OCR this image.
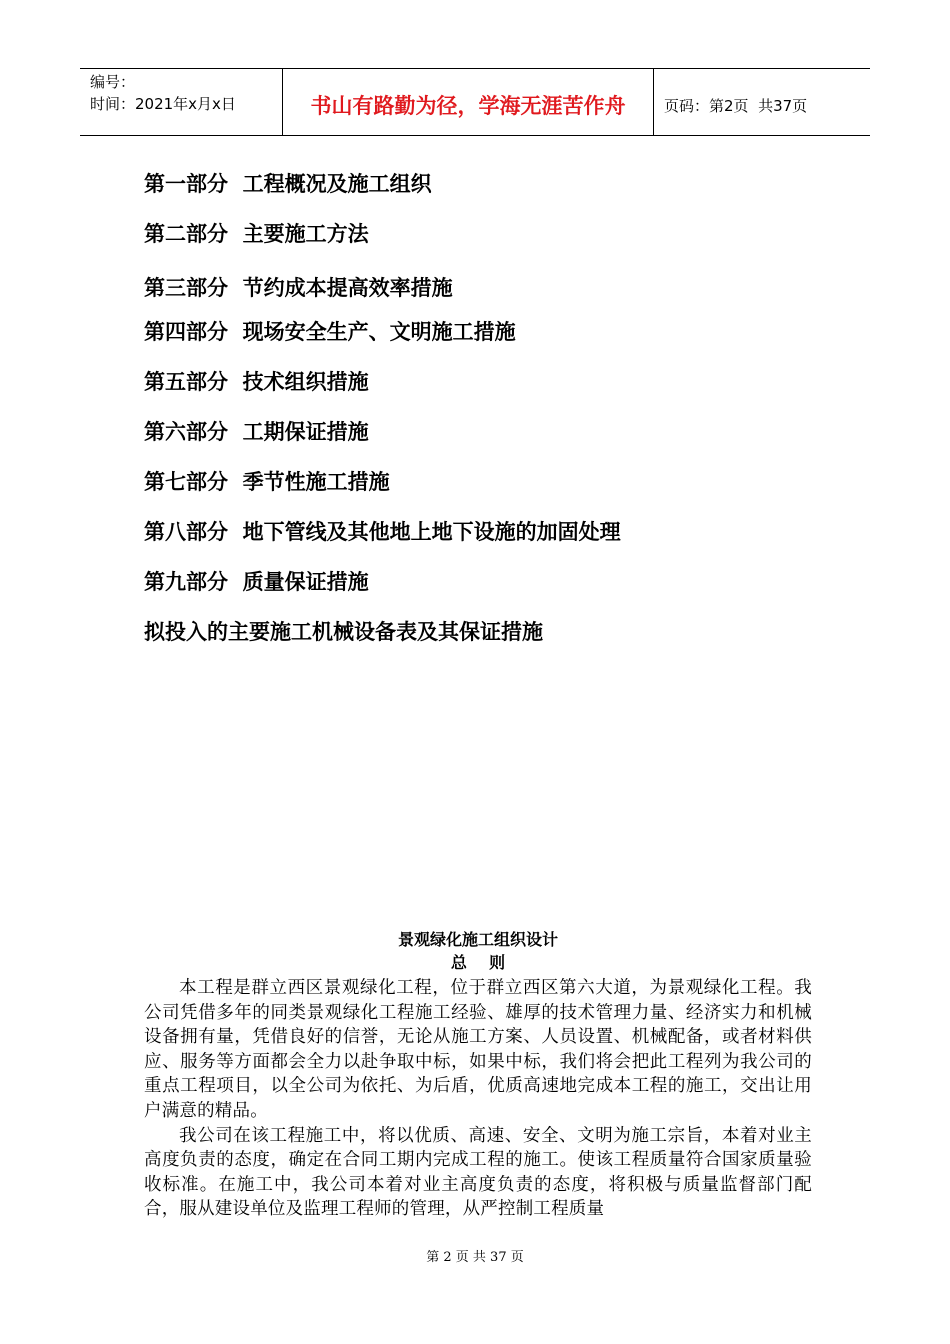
编号：
时间：2021年x月x日	书山有路勤为径，学海无涯苦作舟	页码：第2页  共37页
第一部分  工程概况及施工组织
第二部分  主要施工方法
第三部分  节约成本提高效率措施
第四部分  现场安全生产、文明施工措施
第五部分  技术组织措施
第六部分  工期保证措施
第七部分  季节性施工措施
第八部分  地下管线及其他地上地下设施的加固处理
第九部分  质量保证措施
拟投入的主要施工机械设备表及其保证措施
景观绿化施工组织设计
总    则

本工程是群立西区景观绿化工程，位于群立西区第六大道，为景观绿化工程。我公司凭借多年的同类景观绿化工程施工经验、雄厚的技术管理力量、经济实力和机械设备拥有量，凭借良好的信誉，无论从施工方案、人员设置、机械配备，或者材料供应、服务等方面都会全力以赴争取中标，如果中标，我们将会把此工程列为我公司的重点工程项目，以全公司为依托、为后盾，优质高速地完成本工程的施工，交出让用户满意的精品。

我公司在该工程施工中，将以优质、高速、安全、文明为施工宗旨，本着对业主高度负责的态度，确定在合同工期内完成工程的施工。使该工程质量符合国家质量验收标准。在施工中，我公司本着对业主高度负责的态度，将积极与质量监督部门配合，服从建设单位及监理工程师的管理，从严控制工程质量

第 2 页 共 37 页
